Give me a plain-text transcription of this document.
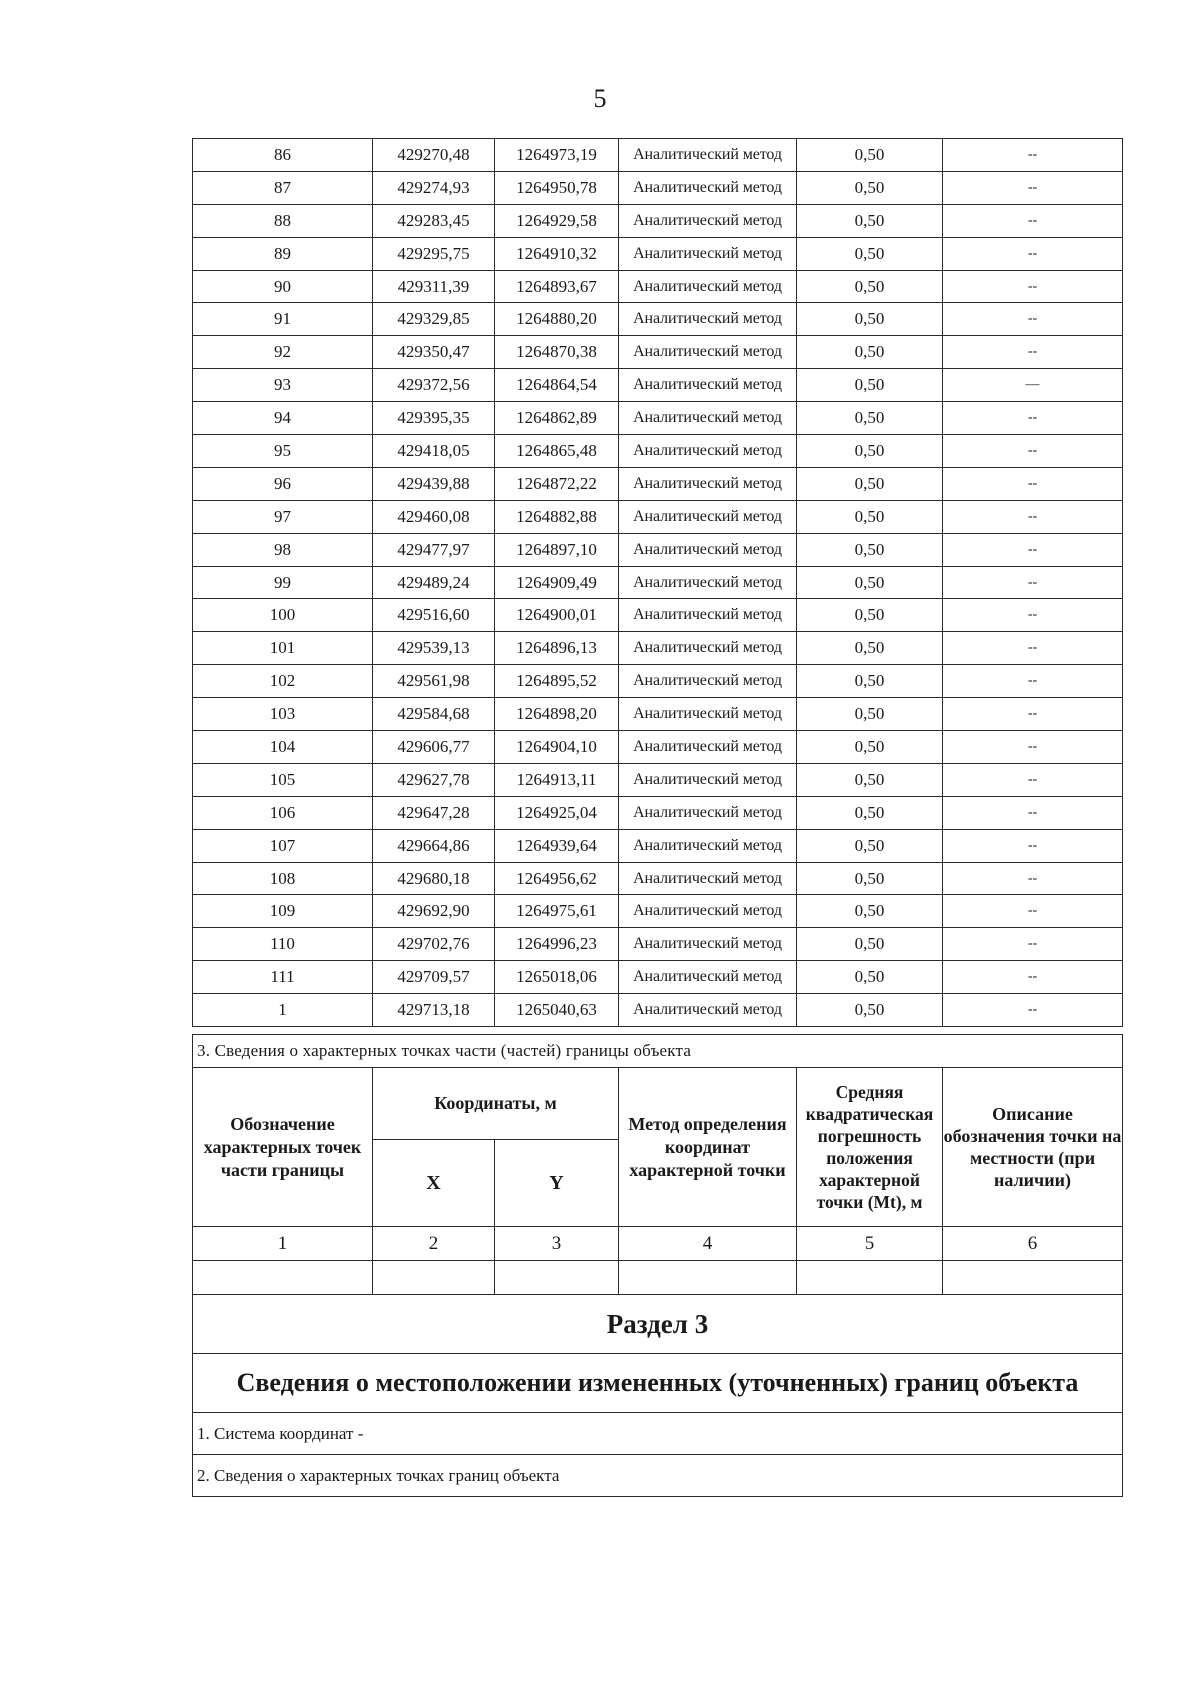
5
86	429270,48	1264973,19	Аналитический метод	0,50	--
87	429274,93	1264950,78	Аналитический метод	0,50	--
88	429283,45	1264929,58	Аналитический метод	0,50	--
89	429295,75	1264910,32	Аналитический метод	0,50	--
90	429311,39	1264893,67	Аналитический метод	0,50	--
91	429329,85	1264880,20	Аналитический метод	0,50	--
92	429350,47	1264870,38	Аналитический метод	0,50	--
93	429372,56	1264864,54	Аналитический метод	0,50	—
94	429395,35	1264862,89	Аналитический метод	0,50	--
95	429418,05	1264865,48	Аналитический метод	0,50	--
96	429439,88	1264872,22	Аналитический метод	0,50	--
97	429460,08	1264882,88	Аналитический метод	0,50	--
98	429477,97	1264897,10	Аналитический метод	0,50	--
99	429489,24	1264909,49	Аналитический метод	0,50	--
100	429516,60	1264900,01	Аналитический метод	0,50	--
101	429539,13	1264896,13	Аналитический метод	0,50	--
102	429561,98	1264895,52	Аналитический метод	0,50	--
103	429584,68	1264898,20	Аналитический метод	0,50	--
104	429606,77	1264904,10	Аналитический метод	0,50	--
105	429627,78	1264913,11	Аналитический метод	0,50	--
106	429647,28	1264925,04	Аналитический метод	0,50	--
107	429664,86	1264939,64	Аналитический метод	0,50	--
108	429680,18	1264956,62	Аналитический метод	0,50	--
109	429692,90	1264975,61	Аналитический метод	0,50	--
110	429702,76	1264996,23	Аналитический метод	0,50	--
111	429709,57	1265018,06	Аналитический метод	0,50	--
1	429713,18	1265040,63	Аналитический метод	0,50	--
3. Сведения о характерных точках части (частей) границы объекта					
Обозначение характерных точек части границы	Координаты, м		Метод определения координат характерной точки	Средняя квадратическая погрешность положения характерной точки (Mt), м	Описание обозначения точки на местности (при наличии)
	X	Y			
1	2	3	4	5	6

Раздел 3					
Сведения о местоположении измененных (уточненных) границ объекта					
1. Система координат -					
2. Сведения о характерных точках границ объекта					
